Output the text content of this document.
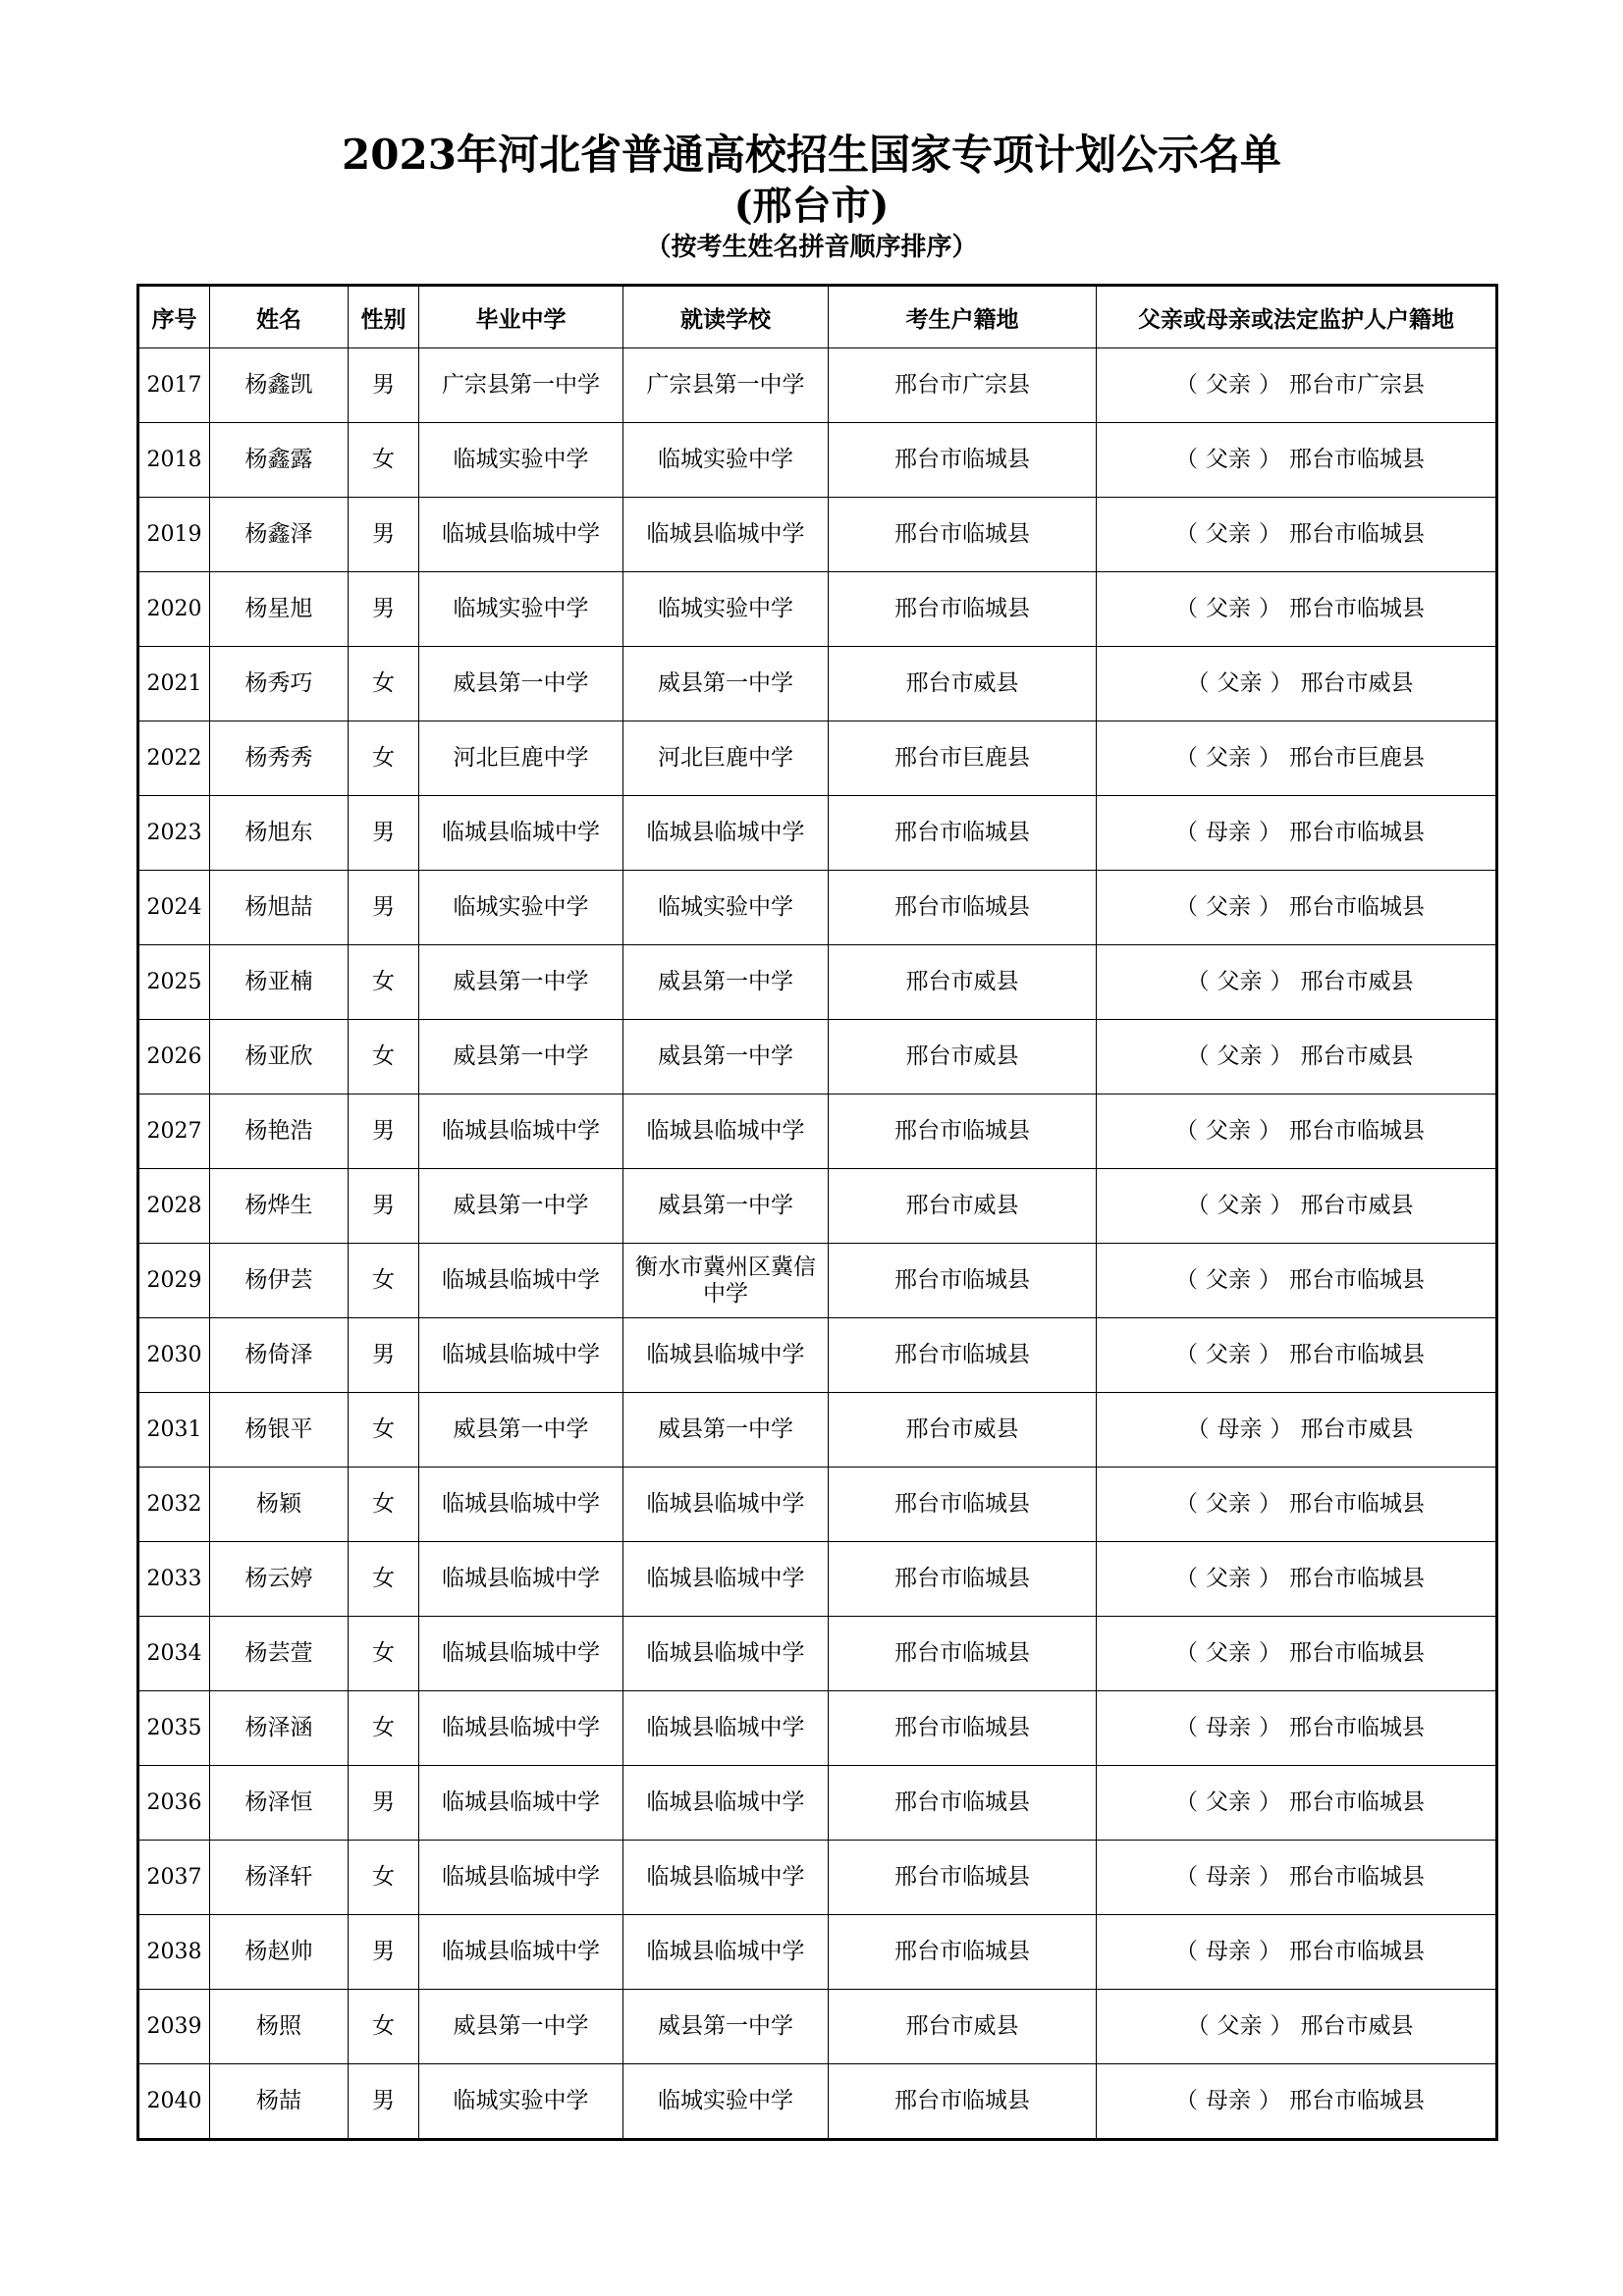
2023年河北省普通高校招生国家专项计划公示名单
(邢台市)
（按考生姓名拼音顺序排序）
序号	姓名	性别	毕业中学	就读学校	考生户籍地	父亲或母亲或法定监护人户籍地
2017	杨鑫凯	男	广宗县第一中学	广宗县第一中学	邢台市广宗县	（ 父亲 ） 邢台市广宗县
2018	杨鑫露	女	临城实验中学	临城实验中学	邢台市临城县	（ 父亲 ） 邢台市临城县
2019	杨鑫泽	男	临城县临城中学	临城县临城中学	邢台市临城县	（ 父亲 ） 邢台市临城县
2020	杨星旭	男	临城实验中学	临城实验中学	邢台市临城县	（ 父亲 ） 邢台市临城县
2021	杨秀巧	女	威县第一中学	威县第一中学	邢台市威县	（ 父亲 ） 邢台市威县
2022	杨秀秀	女	河北巨鹿中学	河北巨鹿中学	邢台市巨鹿县	（ 父亲 ） 邢台市巨鹿县
2023	杨旭东	男	临城县临城中学	临城县临城中学	邢台市临城县	（ 母亲 ） 邢台市临城县
2024	杨旭喆	男	临城实验中学	临城实验中学	邢台市临城县	（ 父亲 ） 邢台市临城县
2025	杨亚楠	女	威县第一中学	威县第一中学	邢台市威县	（ 父亲 ） 邢台市威县
2026	杨亚欣	女	威县第一中学	威县第一中学	邢台市威县	（ 父亲 ） 邢台市威县
2027	杨艳浩	男	临城县临城中学	临城县临城中学	邢台市临城县	（ 父亲 ） 邢台市临城县
2028	杨烨生	男	威县第一中学	威县第一中学	邢台市威县	（ 父亲 ） 邢台市威县
2029	杨伊芸	女	临城县临城中学	衡水市冀州区冀信中学	邢台市临城县	（ 父亲 ） 邢台市临城县
2030	杨倚泽	男	临城县临城中学	临城县临城中学	邢台市临城县	（ 父亲 ） 邢台市临城县
2031	杨银平	女	威县第一中学	威县第一中学	邢台市威县	（ 母亲 ） 邢台市威县
2032	杨颖	女	临城县临城中学	临城县临城中学	邢台市临城县	（ 父亲 ） 邢台市临城县
2033	杨云婷	女	临城县临城中学	临城县临城中学	邢台市临城县	（ 父亲 ） 邢台市临城县
2034	杨芸萱	女	临城县临城中学	临城县临城中学	邢台市临城县	（ 父亲 ） 邢台市临城县
2035	杨泽涵	女	临城县临城中学	临城县临城中学	邢台市临城县	（ 母亲 ） 邢台市临城县
2036	杨泽恒	男	临城县临城中学	临城县临城中学	邢台市临城县	（ 父亲 ） 邢台市临城县
2037	杨泽轩	女	临城县临城中学	临城县临城中学	邢台市临城县	（ 母亲 ） 邢台市临城县
2038	杨赵帅	男	临城县临城中学	临城县临城中学	邢台市临城县	（ 母亲 ） 邢台市临城县
2039	杨照	女	威县第一中学	威县第一中学	邢台市威县	（ 父亲 ） 邢台市威县
2040	杨喆	男	临城实验中学	临城实验中学	邢台市临城县	（ 母亲 ） 邢台市临城县
